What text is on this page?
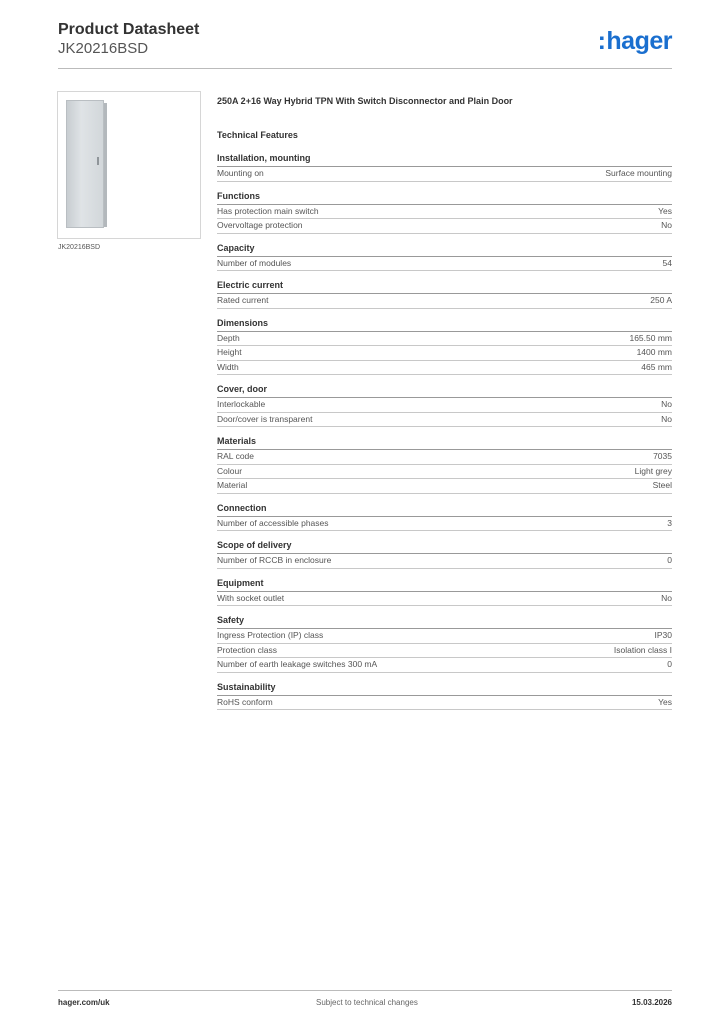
Product Datasheet
JK20216BSD	:hager
JK20216BSD
250A 2+16 Way Hybrid TPN With Switch Disconnector and Plain Door
Technical Features
Installation, mounting
Mounting on	Surface mounting
Functions
Has protection main switch	Yes
Overvoltage protection	No
Capacity
Number of modules	54
Electric current
Rated current	250 A
Dimensions
Depth	165.50 mm
Height	1400 mm
Width	465 mm
Cover, door
Interlockable	No
Door/cover is transparent	No
Materials
RAL code	7035
Colour	Light grey
Material	Steel
Connection
Number of accessible phases	3
Scope of delivery
Number of RCCB in enclosure	0
Equipment
With socket outlet	No
Safety
Ingress Protection (IP) class	IP30
Protection class	Isolation class I
Number of earth leakage switches 300 mA	0
Sustainability
RoHS conform	Yes
hager.com/uk	Subject to technical changes	15.03.2026
